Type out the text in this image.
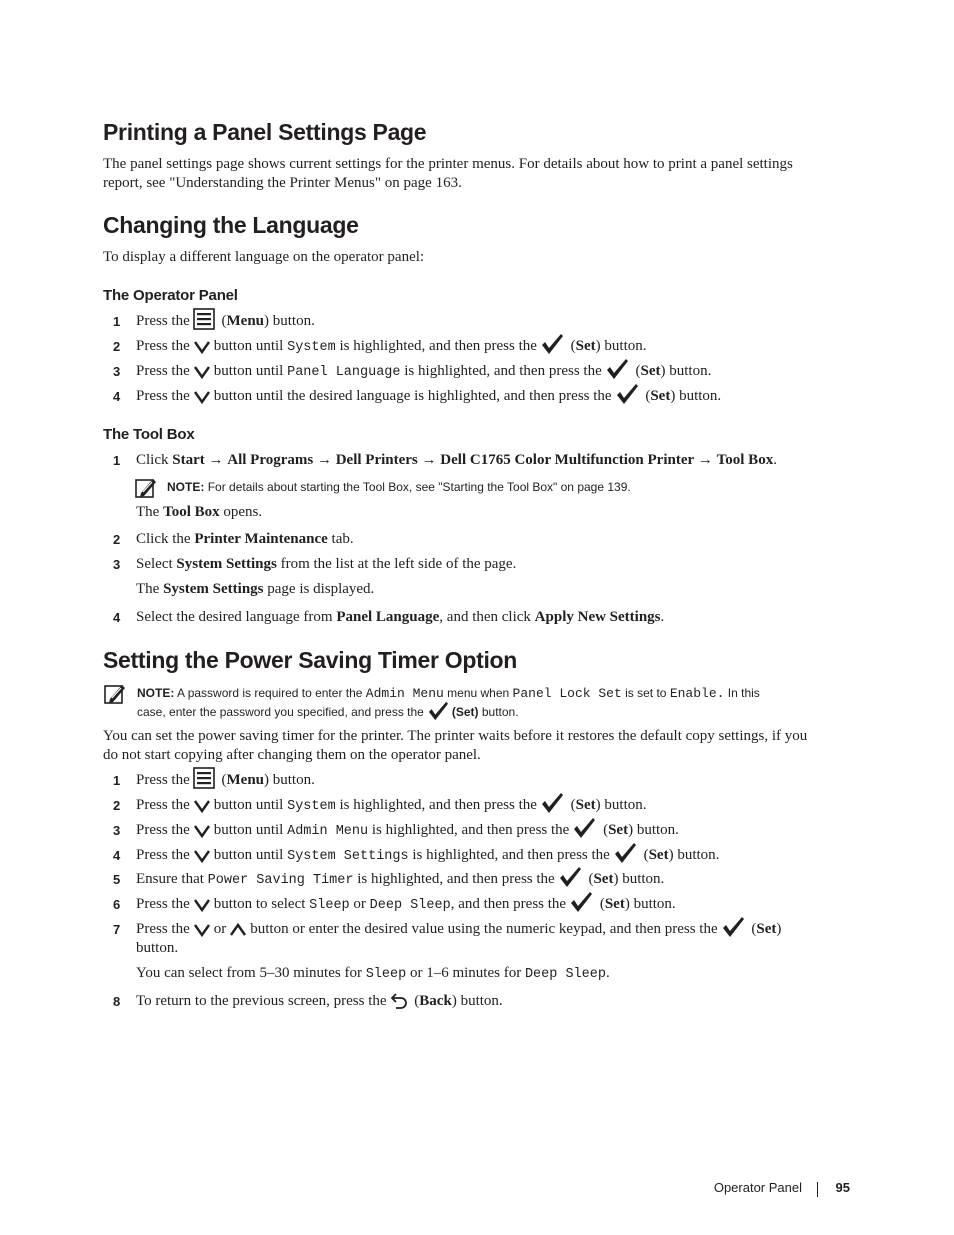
Printing a Panel Settings Page
The panel settings page shows current settings for the printer menus. For details about how to print a panel settings
report, see "Understanding the Printer Menus" on page 163.
Changing the Language
To display a different language on the operator panel:
The Operator Panel
1	Press the (Menu) button.
2	Press the button until System is highlighted, and then press the (Set) button.
3	Press the button until Panel Language is highlighted, and then press the (Set) button.
4	Press the button until the desired language is highlighted, and then press the (Set) button.
The Tool Box
1	Click Start → All Programs → Dell Printers → Dell C1765 Color Multifunction Printer → Tool Box.
NOTE: For details about starting the Tool Box, see "Starting the Tool Box" on page 139.
The Tool Box opens.
2	Click the Printer Maintenance tab.
3	Select System Settings from the list at the left side of the page.
The System Settings page is displayed.
4	Select the desired language from Panel Language, and then click Apply New Settings.
Setting the Power Saving Timer Option
NOTE: A password is required to enter the Admin Menu menu when Panel Lock Set is set to Enable. In this
case, enter the password you specified, and press the (Set) button.
You can set the power saving timer for the printer. The printer waits before it restores the default copy settings, if you
do not start copying after changing them on the operator panel.
1	Press the (Menu) button.
2	Press the button until System is highlighted, and then press the (Set) button.
3	Press the button until Admin Menu is highlighted, and then press the (Set) button.
4	Press the button until System Settings is highlighted, and then press the (Set) button.
5	Ensure that Power Saving Timer is highlighted, and then press the (Set) button.
6	Press the button to select Sleep or Deep Sleep, and then press the (Set) button.
7	Press the or button or enter the desired value using the numeric keypad, and then press the (Set)
button.
You can select from 5–30 minutes for Sleep or 1–6 minutes for Deep Sleep.
8	To return to the previous screen, press the (Back) button.
Operator Panel	95
